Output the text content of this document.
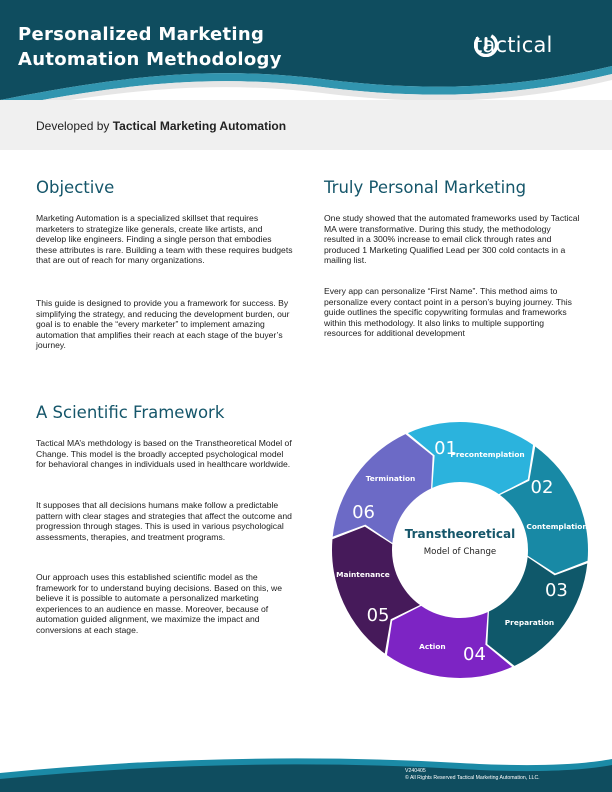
Personalized Marketing
Automation Methodology
tactical
Developed by Tactical Marketing Automation
Objective
Marketing Automation is a specialized skillset that requires marketers to strategize like generals, create like artists, and develop like engineers. Finding a single person that embodies these attributes is rare. Building a team with these requires budgets that are out of reach for many organizations.
This guide is designed to provide you a framework for success. By simplifying the strategy, and reducing the development burden, our goal is to enable the “every marketer” to implement amazing automation that amplifies their reach at each stage of the buyer’s journey.
Truly Personal Marketing
One study showed that the automated frameworks used by Tactical MA were transformative. During this study, the methodology resulted in a 300% increase to email click through rates and produced 1 Marketing Qualified Lead per 300 cold contacts in a mailing list.
Every app can personalize “First Name”. This method aims to personalize every contact point in a person’s buying journey. This guide outlines the specific copywriting formulas and frameworks within this methodology. It also links to multiple supporting resources for additional development
A Scientific Framework
Tactical MA’s methdology is based on the Transtheoretical Model of Change. This model is the broadly accepted psychological model for behavioral changes in individuals used in healthcare worldwide.
It supposes that all decisions humans make follow a predictable pattern with clear stages and strategies that affect the outcome and progression through stages. This is used in various psychological assessments, therapies, and treatment programs.
Our approach uses this established scientific model as the framework for to understand buying decisions. Based on this, we believe it is possible to automate a personalized marketing experiences to an audience en masse. Moreover, because of automation guided alignment, we maximize the impact and conversions at each stage.
01
Precontemplation
02
Contemplation
03
Preparation
04
Action
05
Maintenance
06
Termination
Transtheoretical
Model of Change
V240405
© All Rights Reserved Tactical Marketing Automation, LLC.
